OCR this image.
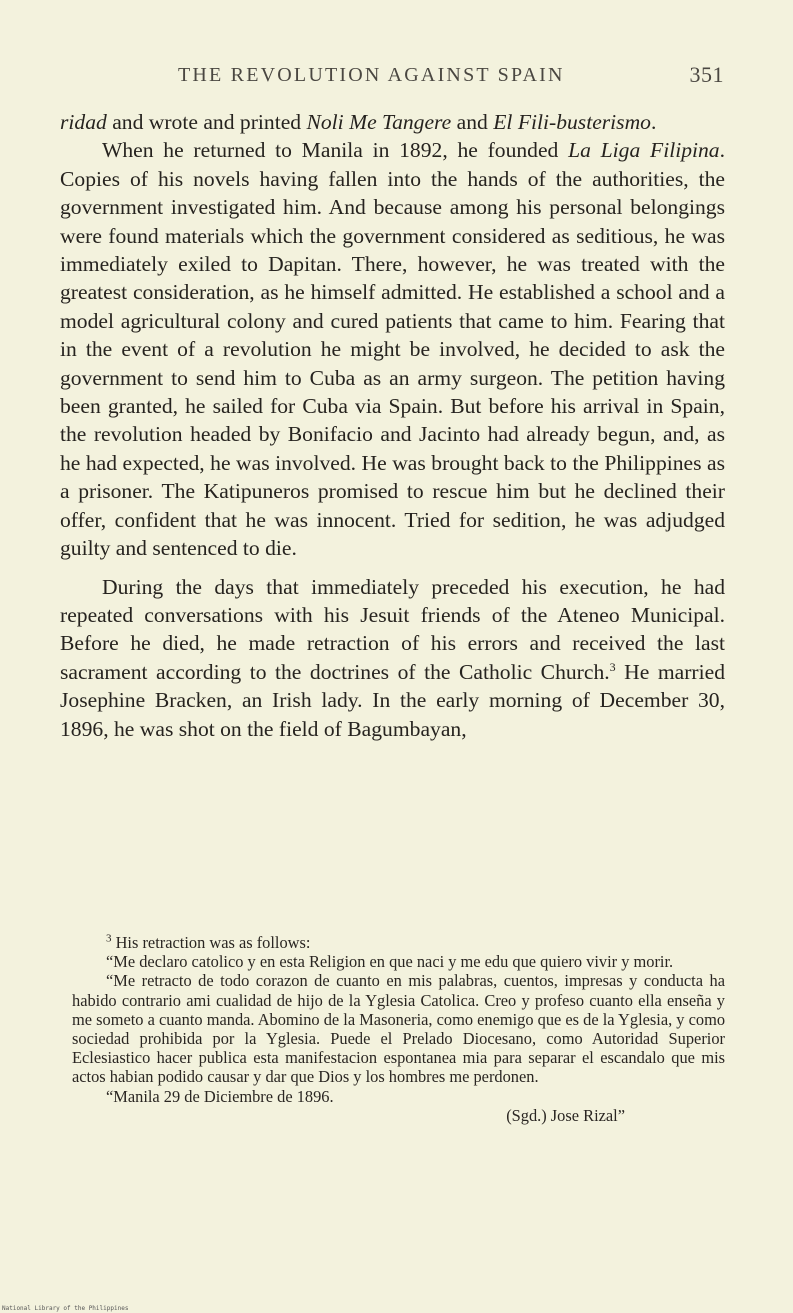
THE REVOLUTION AGAINST SPAIN	351

ridad and wrote and printed Noli Me Tangere and El Fili-busterismo.

When he returned to Manila in 1892, he founded La Liga Filipina. Copies of his novels having fallen into the hands of the authorities, the government investigated him. And because among his personal belongings were found materials which the government considered as seditious, he was immediately exiled to Dapitan. There, however, he was treated with the greatest consideration, as he himself admitted. He established a school and a model agricultural colony and cured patients that came to him. Fearing that in the event of a revolution he might be involved, he decided to ask the government to send him to Cuba as an army surgeon. The petition having been granted, he sailed for Cuba via Spain. But before his arrival in Spain, the revolution headed by Bonifacio and Jacinto had already begun, and, as he had expected, he was involved. He was brought back to the Philippines as a prisoner. The Katipuneros promised to rescue him but he declined their offer, confident that he was innocent. Tried for sedition, he was adjudged guilty and sentenced to die.

During the days that immediately preceded his execution, he had repeated conversations with his Jesuit friends of the Ateneo Municipal. Before he died, he made retraction of his errors and received the last sacrament according to the doctrines of the Catholic Church.$^3$ He married Josephine Bracken, an Irish lady. In the early morning of December 30, 1896, he was shot on the field of Bagumbayan,

$^3$ His retraction was as follows:

“Me declaro catolico y en esta Religion en que naci y me edu que quiero vivir y morir.

“Me retracto de todo corazon de cuanto en mis palabras, cuentos, impresas y conducta ha habido contrario ami cualidad de hijo de la Yglesia Catolica. Creo y profeso cuanto ella enseña y me someto a cuanto manda. Abomino de la Masoneria, como enemigo que es de la Yglesia, y como sociedad prohibida por la Yglesia. Puede el Prelado Diocesano, como Autoridad Superior Eclesiastico hacer publica esta manifestacion espontanea mia para separar el escandalo que mis actos habian podido causar y dar que Dios y los hombres me perdonen.

“Manila 29 de Diciembre de 1896.

(Sgd.) Jose Rizal”

National Library of the Philippines
